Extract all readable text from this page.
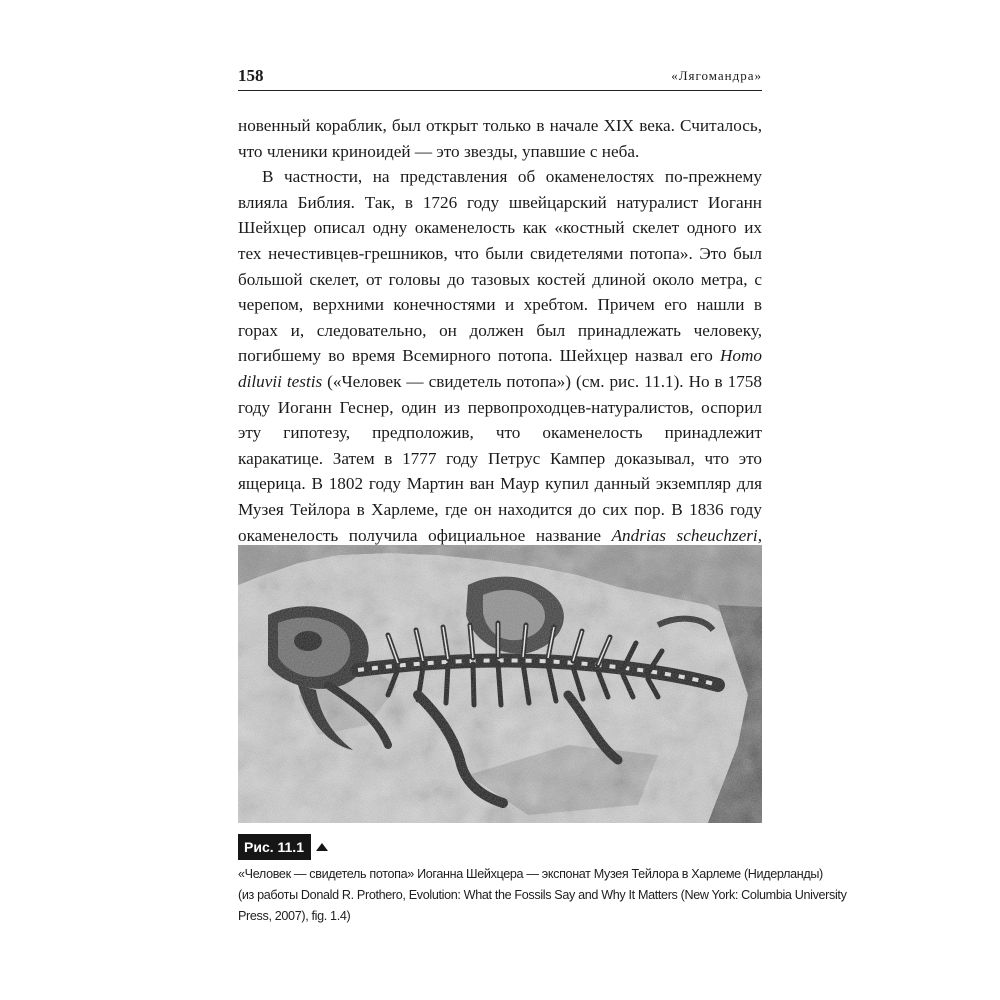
158	«Лягомандра»

новенный кораблик, был открыт только в начале XIX века. Считалось, что членики криноидей — это звезды, упавшие с неба.

В частности, на представления об окаменелостях по-прежнему влияла Библия. Так, в 1726 году швейцарский натуралист Иоганн Шейхцер описал одну окаменелость как «костный скелет одного их тех нечестивцев-грешников, что были свидетелями потопа». Это был большой скелет, от головы до тазовых костей длиной около метра, с черепом, верхними конечностями и хребтом. Причем его нашли в горах и, следовательно, он должен был принадлежать человеку, погибшему во время Всемирного потопа. Шейхцер назвал его Homo diluvii testis («Человек — свидетель потопа») (см. рис. 11.1). Но в 1758 году Иоганн Геснер, один из первопроходцев-натуралистов, оспорил эту гипотезу, предположив, что окаменелость принадлежит каракатице. Затем в 1777 году Петрус Кампер доказывал, что это ящерица. В 1802 году Мартин ван Маур купил данный экземпляр для Музея Тейлора в Харлеме, где он находится до сих пор. В 1836 году окаменелость получила официальное название Andrias scheuchzeri,

Рис. 11.1
«Человек — свидетель потопа» Иоганна Шейхцера — экспонат Музея Тейлора в Харлеме (Нидерланды)
(из работы Donald R. Prothero, Evolution: What the Fossils Say and Why It Matters (New York: Columbia University
Press, 2007), fig. 1.4)
